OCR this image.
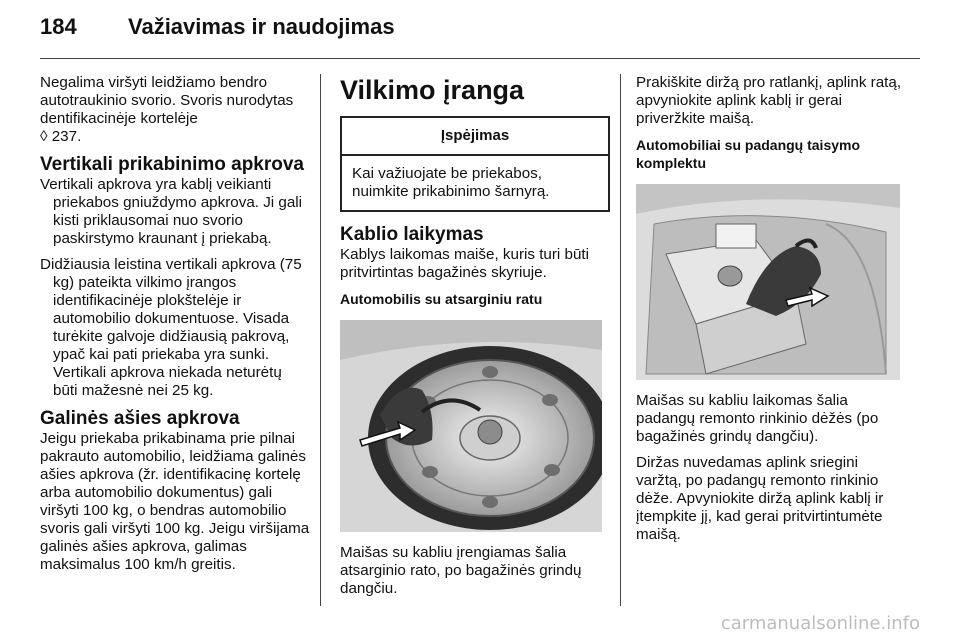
184 Važiavimas ir naudojimas

Negalima viršyti leidžiamo bendro autotraukinio svorio. Svoris nurodytas dentifikacinėje kortelėje
◊ 237.

Vertikali prikabinimo apkrova

Vertikali apkrova yra kablį veikianti priekabos gniuždymo apkrova. Ji gali kisti priklausomai nuo svorio paskirstymo kraunant į priekabą.

Didžiausia leistina vertikali apkrova (75 kg) pateikta vilkimo įrangos identifikacinėje plokštelėje ir automobilio dokumentuose. Visada turėkite galvoje didžiausią pakrovą, ypač kai pati priekaba yra sunki. Vertikali apkrova niekada neturėtų būti mažesnė nei 25 kg.

Galinės ašies apkrova

Jeigu priekaba prikabinama prie pilnai pakrauto automobilio, leidžiama galinės ašies apkrova (žr. identifikacinę kortelę arba automobilio dokumentus) gali viršyti 100 kg, o bendras automobilio svoris gali viršyti 100 kg. Jeigu viršijama galinės ašies apkrova, galimas maksimalus 100 km/h greitis.

Vilkimo įranga
Įspėjimas
Kai važiuojate be priekabos, nuimkite prikabinimo šarnyrą.
Kablio laikymas

Kablys laikomas maiše, kuris turi būti pritvirtintas bagažinės skyriuje.

Automobilis su atsarginiu ratu

Maišas su kabliu įrengiamas šalia atsarginio rato, po bagažinės grindų dangčiu.

Prakiškite diržą pro ratlankį, aplink ratą, apvyniokite aplink kablį ir gerai priveržkite maišą.

Automobiliai su padangų taisymo komplektu

Maišas su kabliu laikomas šalia padangų remonto rinkinio dėžės (po bagažinės grindų dangčiu).

Diržas nuvedamas aplink sriegini varžtą, po padangų remonto rinkinio dėže. Apvyniokite diržą aplink kablį ir įtempkite jį, kad gerai pritvirtintumėte maišą.

carmanualsonline.info
